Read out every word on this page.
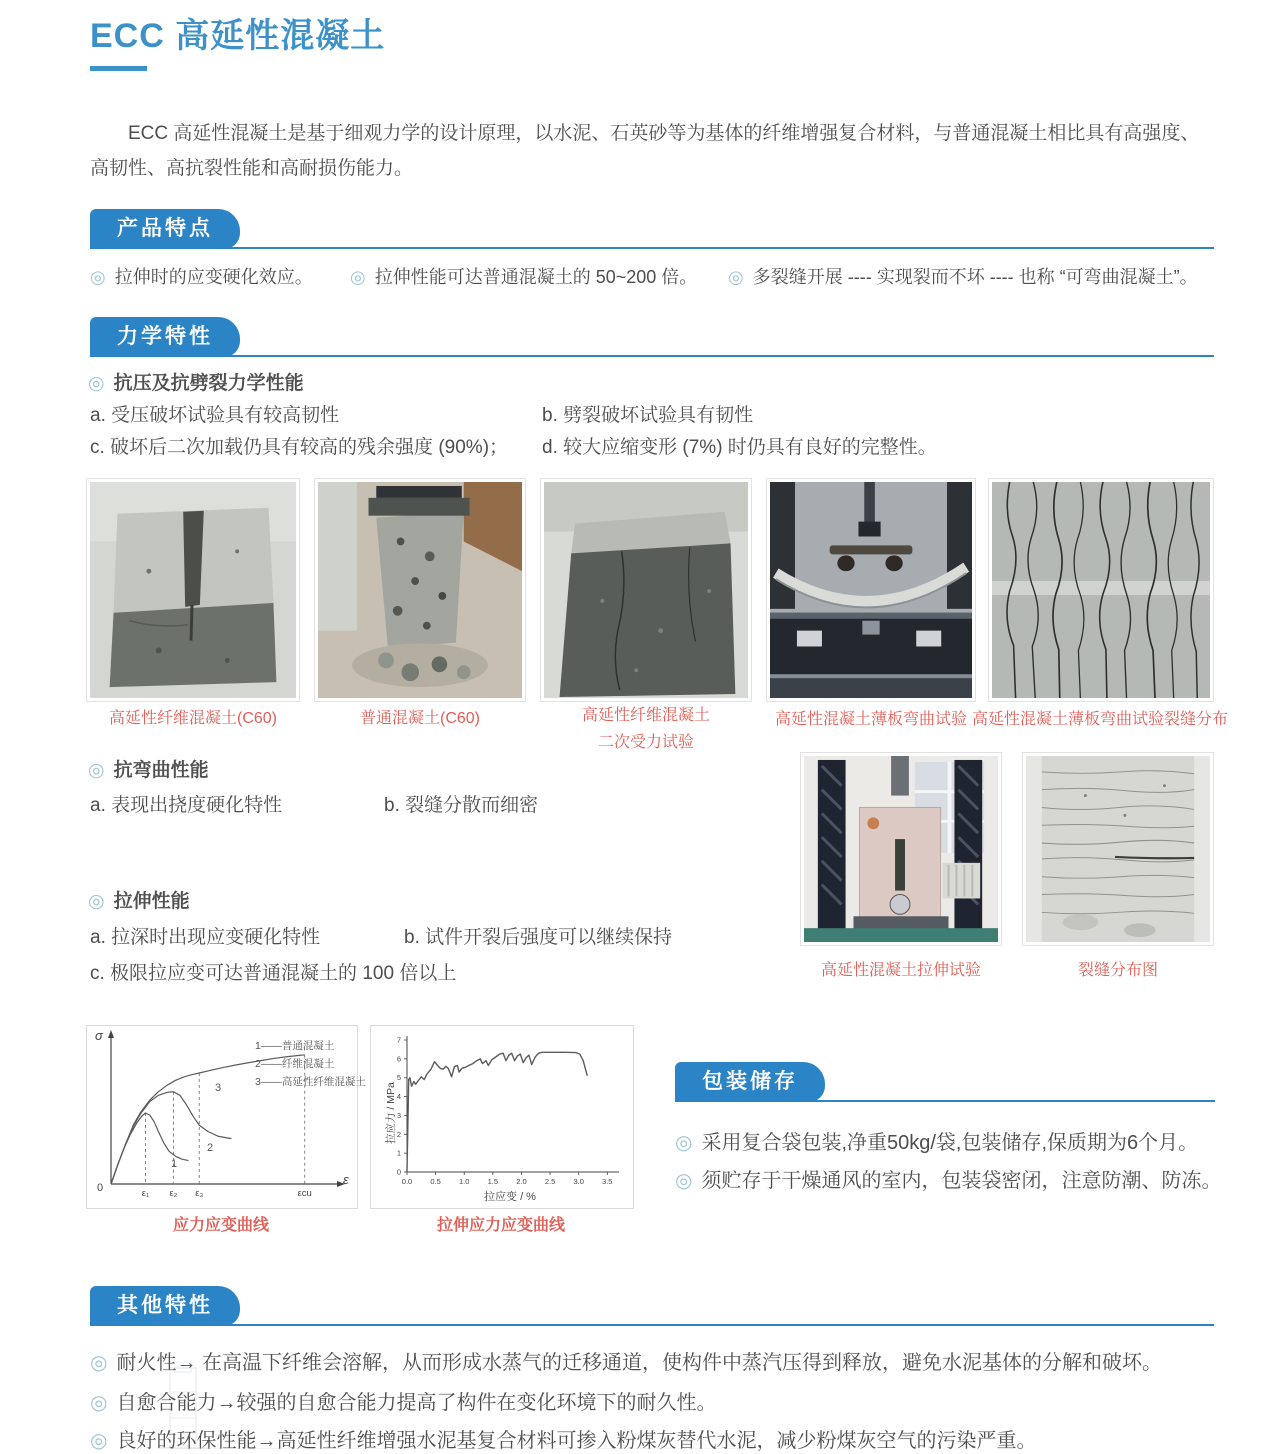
ECC 高延性混凝土
ECC 高延性混凝土是基于细观力学的设计原理，以水泥、石英砂等为基体的纤维增强复合材料，与普通混凝土相比具有高强度、高韧性、高抗裂性能和高耐损伤能力。
产品特点
◎ 拉伸时的应变硬化效应。 ◎ 拉伸性能可达普通混凝土的 50~200 倍。 ◎ 多裂缝开展 ---- 实现裂而不坏 ---- 也称 “可弯曲混凝土”。
力学特性
◎ 抗压及抗劈裂力学性能
a. 受压破坏试验具有较高韧性	b. 劈裂破坏试验具有韧性
c. 破坏后二次加载仍具有较高的残余强度 (90%)； d. 较大应缩变形 (7%) 时仍具有良好的完整性。
高延性纤维混凝土(C60)	普通混凝土(C60)	高延性纤维混凝土
二次受力试验
高延性混凝土薄板弯曲试验 高延性混凝土薄板弯曲试验裂缝分布
◎ 抗弯曲性能
a. 表现出挠度硬化特性	b. 裂缝分散而细密
高延性混凝土拉伸试验	裂缝分布图
◎ 拉伸性能
a. 拉深时出现应变硬化特性	b. 试件开裂后强度可以继续保持
c. 极限拉应变可达普通混凝土的 100 倍以上
ε₁ ε₂ ε₃	εcu
σ
ε
0
1——普通混凝土
2——纤维混凝土
3——高延性纤维混凝土
3
2
1
应力应变曲线
0.0 0.5 1.0 1.5 2.0 2.5 3.0 3.5
0
1
2
3
4
5
6
7
拉应力 / MPa
拉应变 / %
拉伸应力应变曲线
包装储存
◎ 采用复合袋包装,净重50kg/袋,包装储存,保质期为6个月。
◎ 须贮存于干燥通风的室内，包装袋密闭，注意防潮、防冻。
其他特性
◎ 耐火性→ 在高温下纤维会溶解，从而形成水蒸气的迁移通道，使构件中蒸汽压得到释放，避免水泥基体的分解和破坏。
◎ 自愈合能力→较强的自愈合能力提高了构件在变化环境下的耐久性。
◎ 良好的环保性能→高延性纤维增强水泥基复合材料可掺入粉煤灰替代水泥，减少粉煤灰空气的污染严重。
